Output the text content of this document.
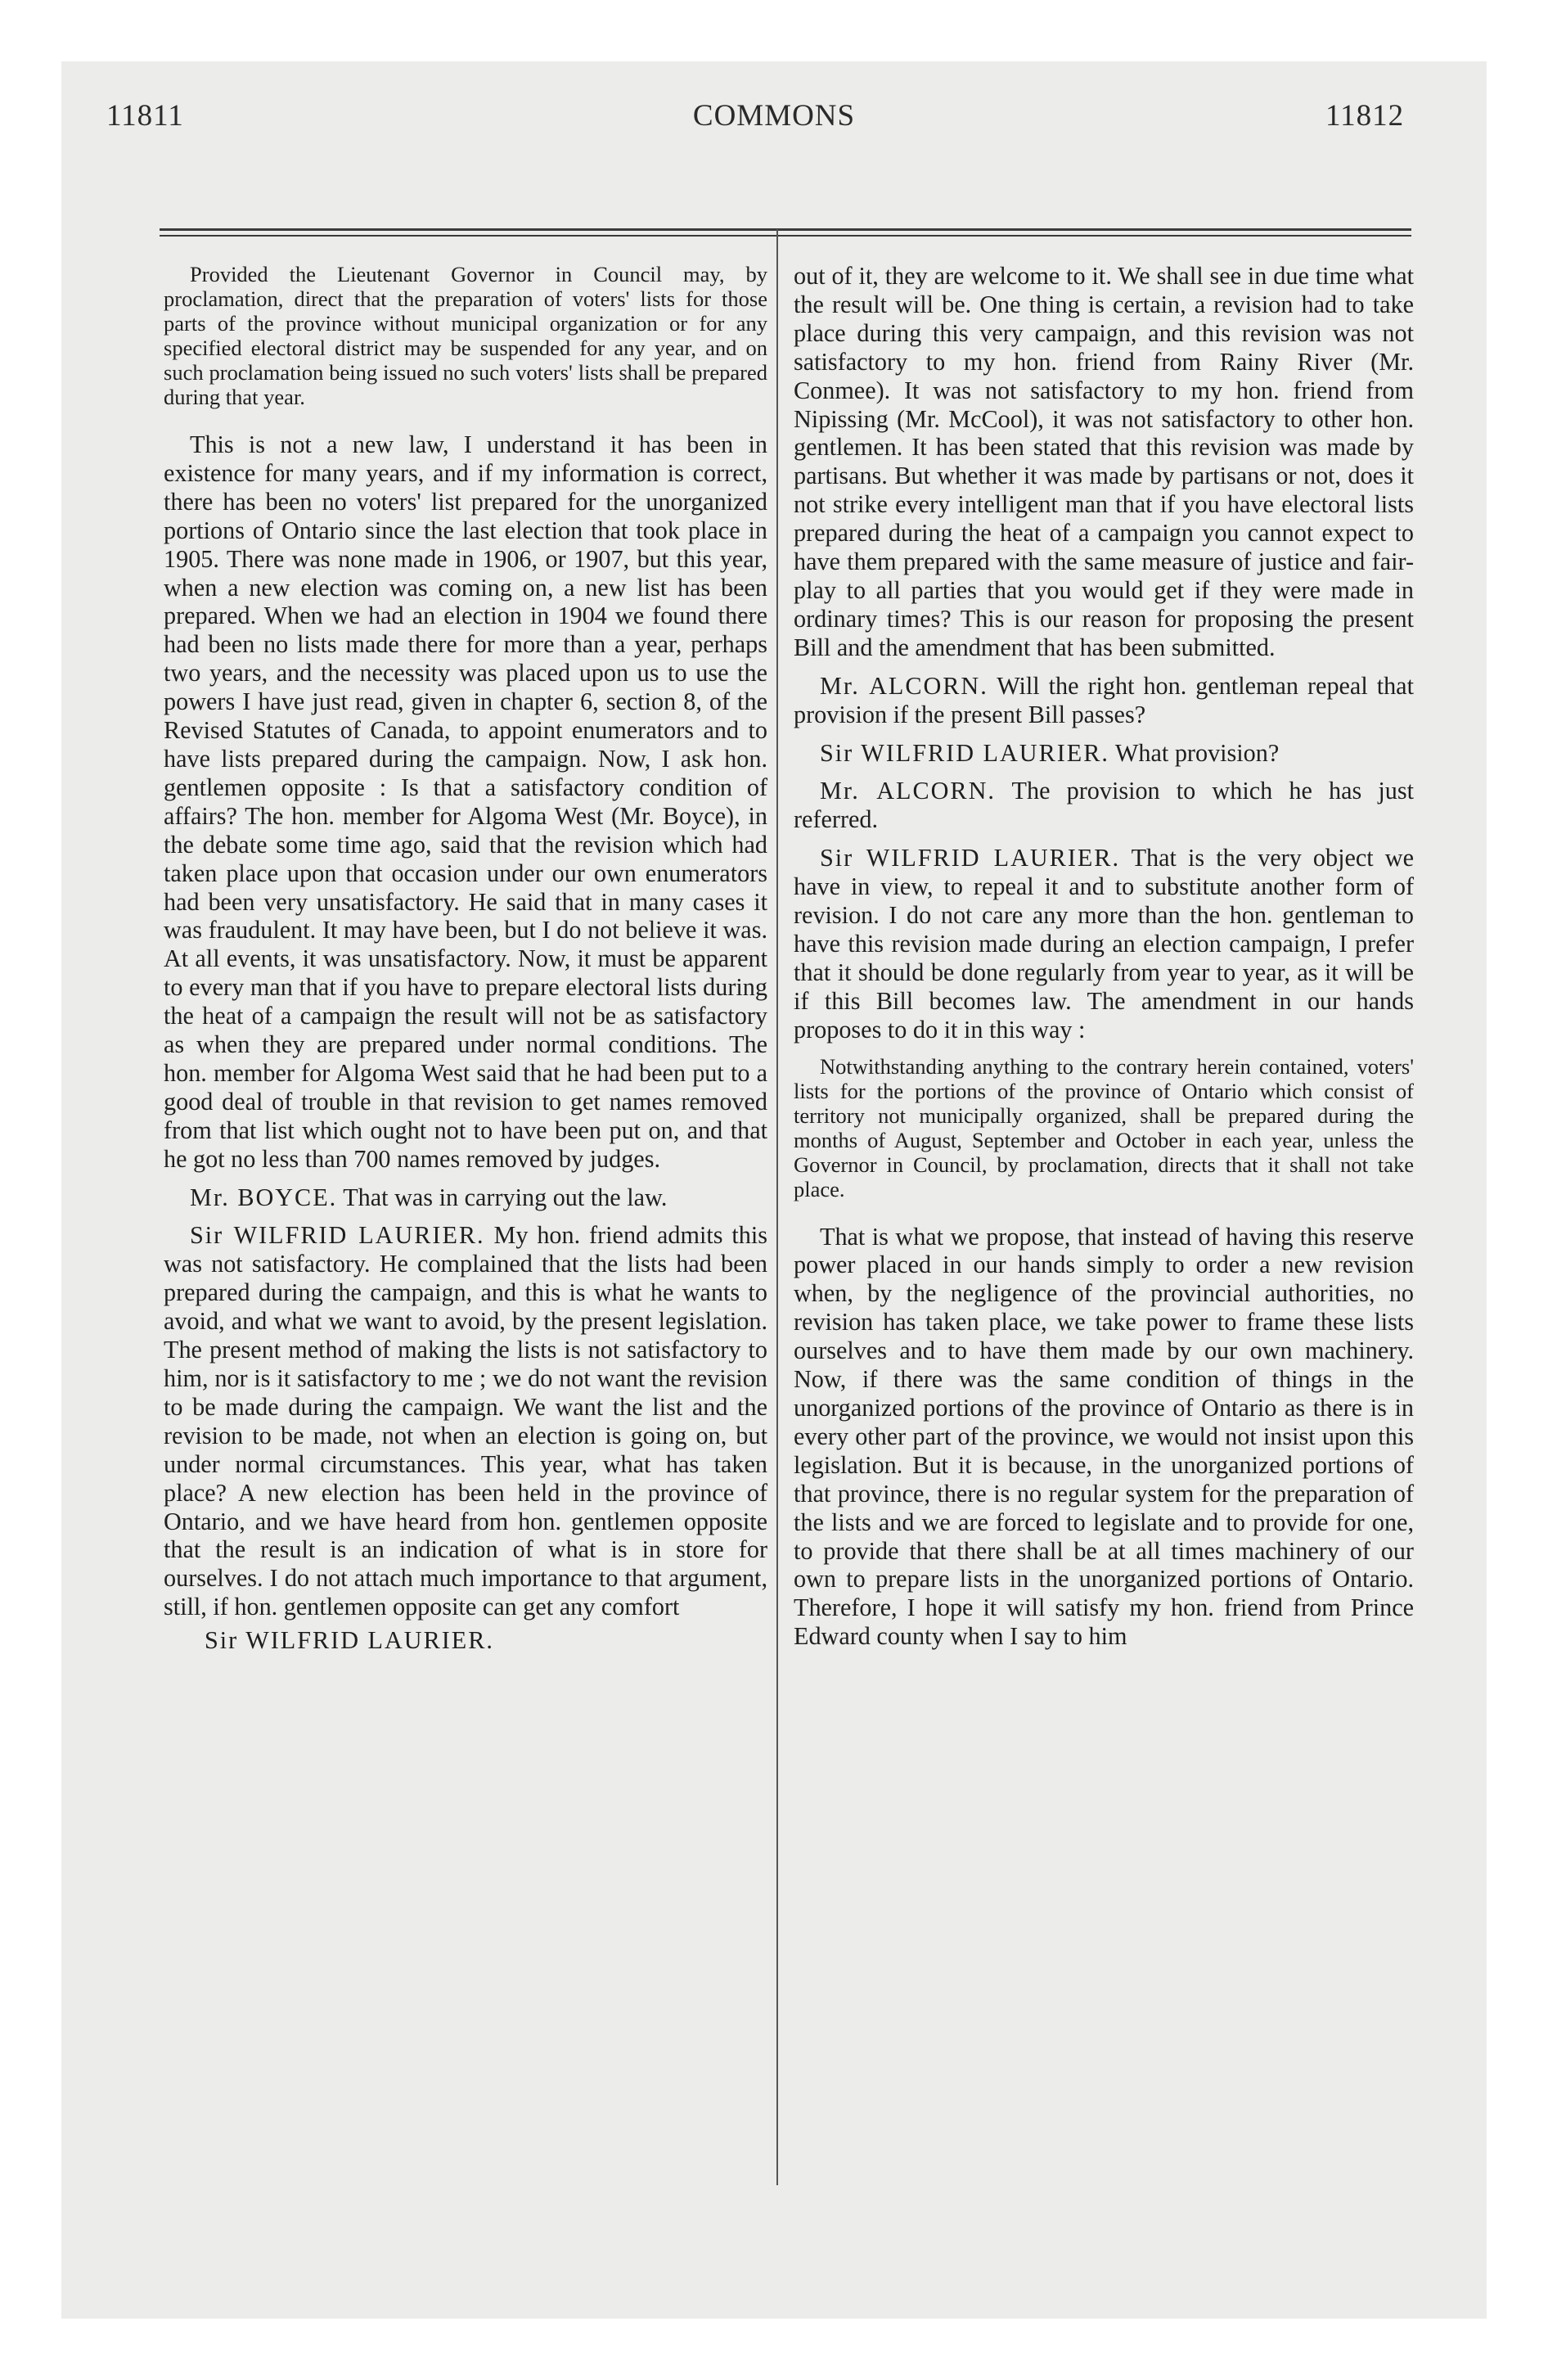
11811	COMMONS	11812

Provided the Lieutenant Governor in Council may, by proclamation, direct that the preparation of voters' lists for those parts of the province without municipal organization or for any specified electoral district may be suspended for any year, and on such proclamation being issued no such voters' lists shall be prepared during that year.

This is not a new law, I understand it has been in existence for many years, and if my information is correct, there has been no voters' list prepared for the unorganized portions of Ontario since the last election that took place in 1905. There was none made in 1906, or 1907, but this year, when a new election was coming on, a new list has been prepared. When we had an election in 1904 we found there had been no lists made there for more than a year, perhaps two years, and the necessity was placed upon us to use the powers I have just read, given in chapter 6, section 8, of the Revised Statutes of Canada, to appoint enumerators and to have lists prepared during the campaign. Now, I ask hon. gentlemen opposite : Is that a satisfactory condition of affairs? The hon. member for Algoma West (Mr. Boyce), in the debate some time ago, said that the revision which had taken place upon that occasion under our own enumerators had been very unsatisfactory. He said that in many cases it was fraudulent. It may have been, but I do not believe it was. At all events, it was unsatisfactory. Now, it must be apparent to every man that if you have to prepare electoral lists during the heat of a campaign the result will not be as satisfactory as when they are prepared under normal conditions. The hon. member for Algoma West said that he had been put to a good deal of trouble in that revision to get names removed from that list which ought not to have been put on, and that he got no less than 700 names removed by judges.

Mr. BOYCE. That was in carrying out the law.

Sir WILFRID LAURIER. My hon. friend admits this was not satisfactory. He complained that the lists had been prepared during the campaign, and this is what he wants to avoid, and what we want to avoid, by the present legislation. The present method of making the lists is not satisfactory to him, nor is it satisfactory to me ; we do not want the revision to be made during the campaign. We want the list and the revision to be made, not when an election is going on, but under normal circumstances. This year, what has taken place? A new election has been held in the province of Ontario, and we have heard from hon. gentlemen opposite that the result is an indication of what is in store for ourselves. I do not attach much importance to that argument, still, if hon. gentlemen opposite can get any comfort

Sir WILFRID LAURIER.

out of it, they are welcome to it. We shall see in due time what the result will be. One thing is certain, a revision had to take place during this very campaign, and this revision was not satisfactory to my hon. friend from Rainy River (Mr. Conmee). It was not satisfactory to my hon. friend from Nipissing (Mr. McCool), it was not satisfactory to other hon. gentlemen. It has been stated that this revision was made by partisans. But whether it was made by partisans or not, does it not strike every intelligent man that if you have electoral lists prepared during the heat of a campaign you cannot expect to have them prepared with the same measure of justice and fair-play to all parties that you would get if they were made in ordinary times? This is our reason for proposing the present Bill and the amendment that has been submitted.

Mr. ALCORN. Will the right hon. gentleman repeal that provision if the present Bill passes?

Sir WILFRID LAURIER. What provision?

Mr. ALCORN. The provision to which he has just referred.

Sir WILFRID LAURIER. That is the very object we have in view, to repeal it and to substitute another form of revision. I do not care any more than the hon. gentleman to have this revision made during an election campaign, I prefer that it should be done regularly from year to year, as it will be if this Bill becomes law. The amendment in our hands proposes to do it in this way :

Notwithstanding anything to the contrary herein contained, voters' lists for the portions of the province of Ontario which consist of territory not municipally organized, shall be prepared during the months of August, September and October in each year, unless the Governor in Council, by proclamation, directs that it shall not take place.

That is what we propose, that instead of having this reserve power placed in our hands simply to order a new revision when, by the negligence of the provincial authorities, no revision has taken place, we take power to frame these lists ourselves and to have them made by our own machinery. Now, if there was the same condition of things in the unorganized portions of the province of Ontario as there is in every other part of the province, we would not insist upon this legislation. But it is because, in the unorganized portions of that province, there is no regular system for the preparation of the lists and we are forced to legislate and to provide for one, to provide that there shall be at all times machinery of our own to prepare lists in the unorganized portions of Ontario. Therefore, I hope it will satisfy my hon. friend from Prince Edward county when I say to him
